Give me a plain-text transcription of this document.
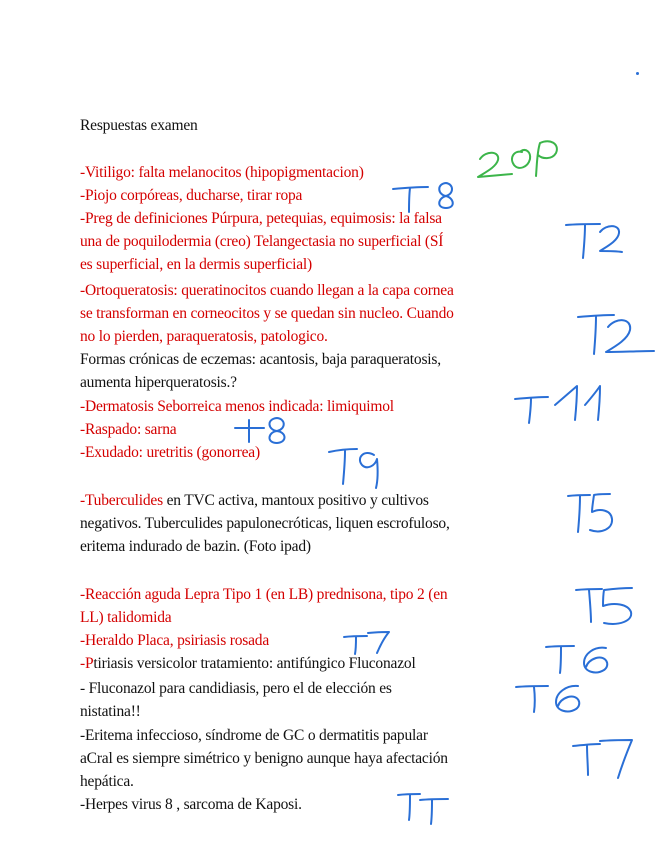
Respuestas examen
-Vitiligo: falta melanocitos (hipopigmentacion)
-Piojo corpóreas, ducharse, tirar ropa
-Preg de definiciones Púrpura, petequias, equimosis: la falsa
una de poquilodermia (creo) Telangectasia no superficial (SÍ
es superficial, en la dermis superficial)
-Ortoqueratosis: queratinocitos cuando llegan a la capa cornea
se transforman en corneocitos y se quedan sin nucleo. Cuando
no lo pierden, paraqueratosis, patologico.
Formas crónicas de eczemas: acantosis, baja paraqueratosis,
aumenta hiperqueratosis.?
-Dermatosis Seborreica menos indicada: limiquimol
-Raspado: sarna
-Exudado: uretritis (gonorrea)
-Tuberculides en TVC activa, mantoux positivo y cultivos
negativos. Tuberculides papulonecróticas, liquen escrofuloso,
eritema indurado de bazin. (Foto ipad)
-Reacción aguda Lepra Tipo 1 (en LB) prednisona, tipo 2 (en
LL) talidomida
-Heraldo Placa, psiriasis rosada
-Ptiriasis versicolor tratamiento: antifúngico Fluconazol
- Fluconazol para candidiasis, pero el de elección es
nistatina!!
-Eritema infeccioso, síndrome de GC o dermatitis papular
aCral es siempre simétrico y benigno aunque haya afectación
hepática.
-Herpes virus 8 , sarcoma de Kaposi.
